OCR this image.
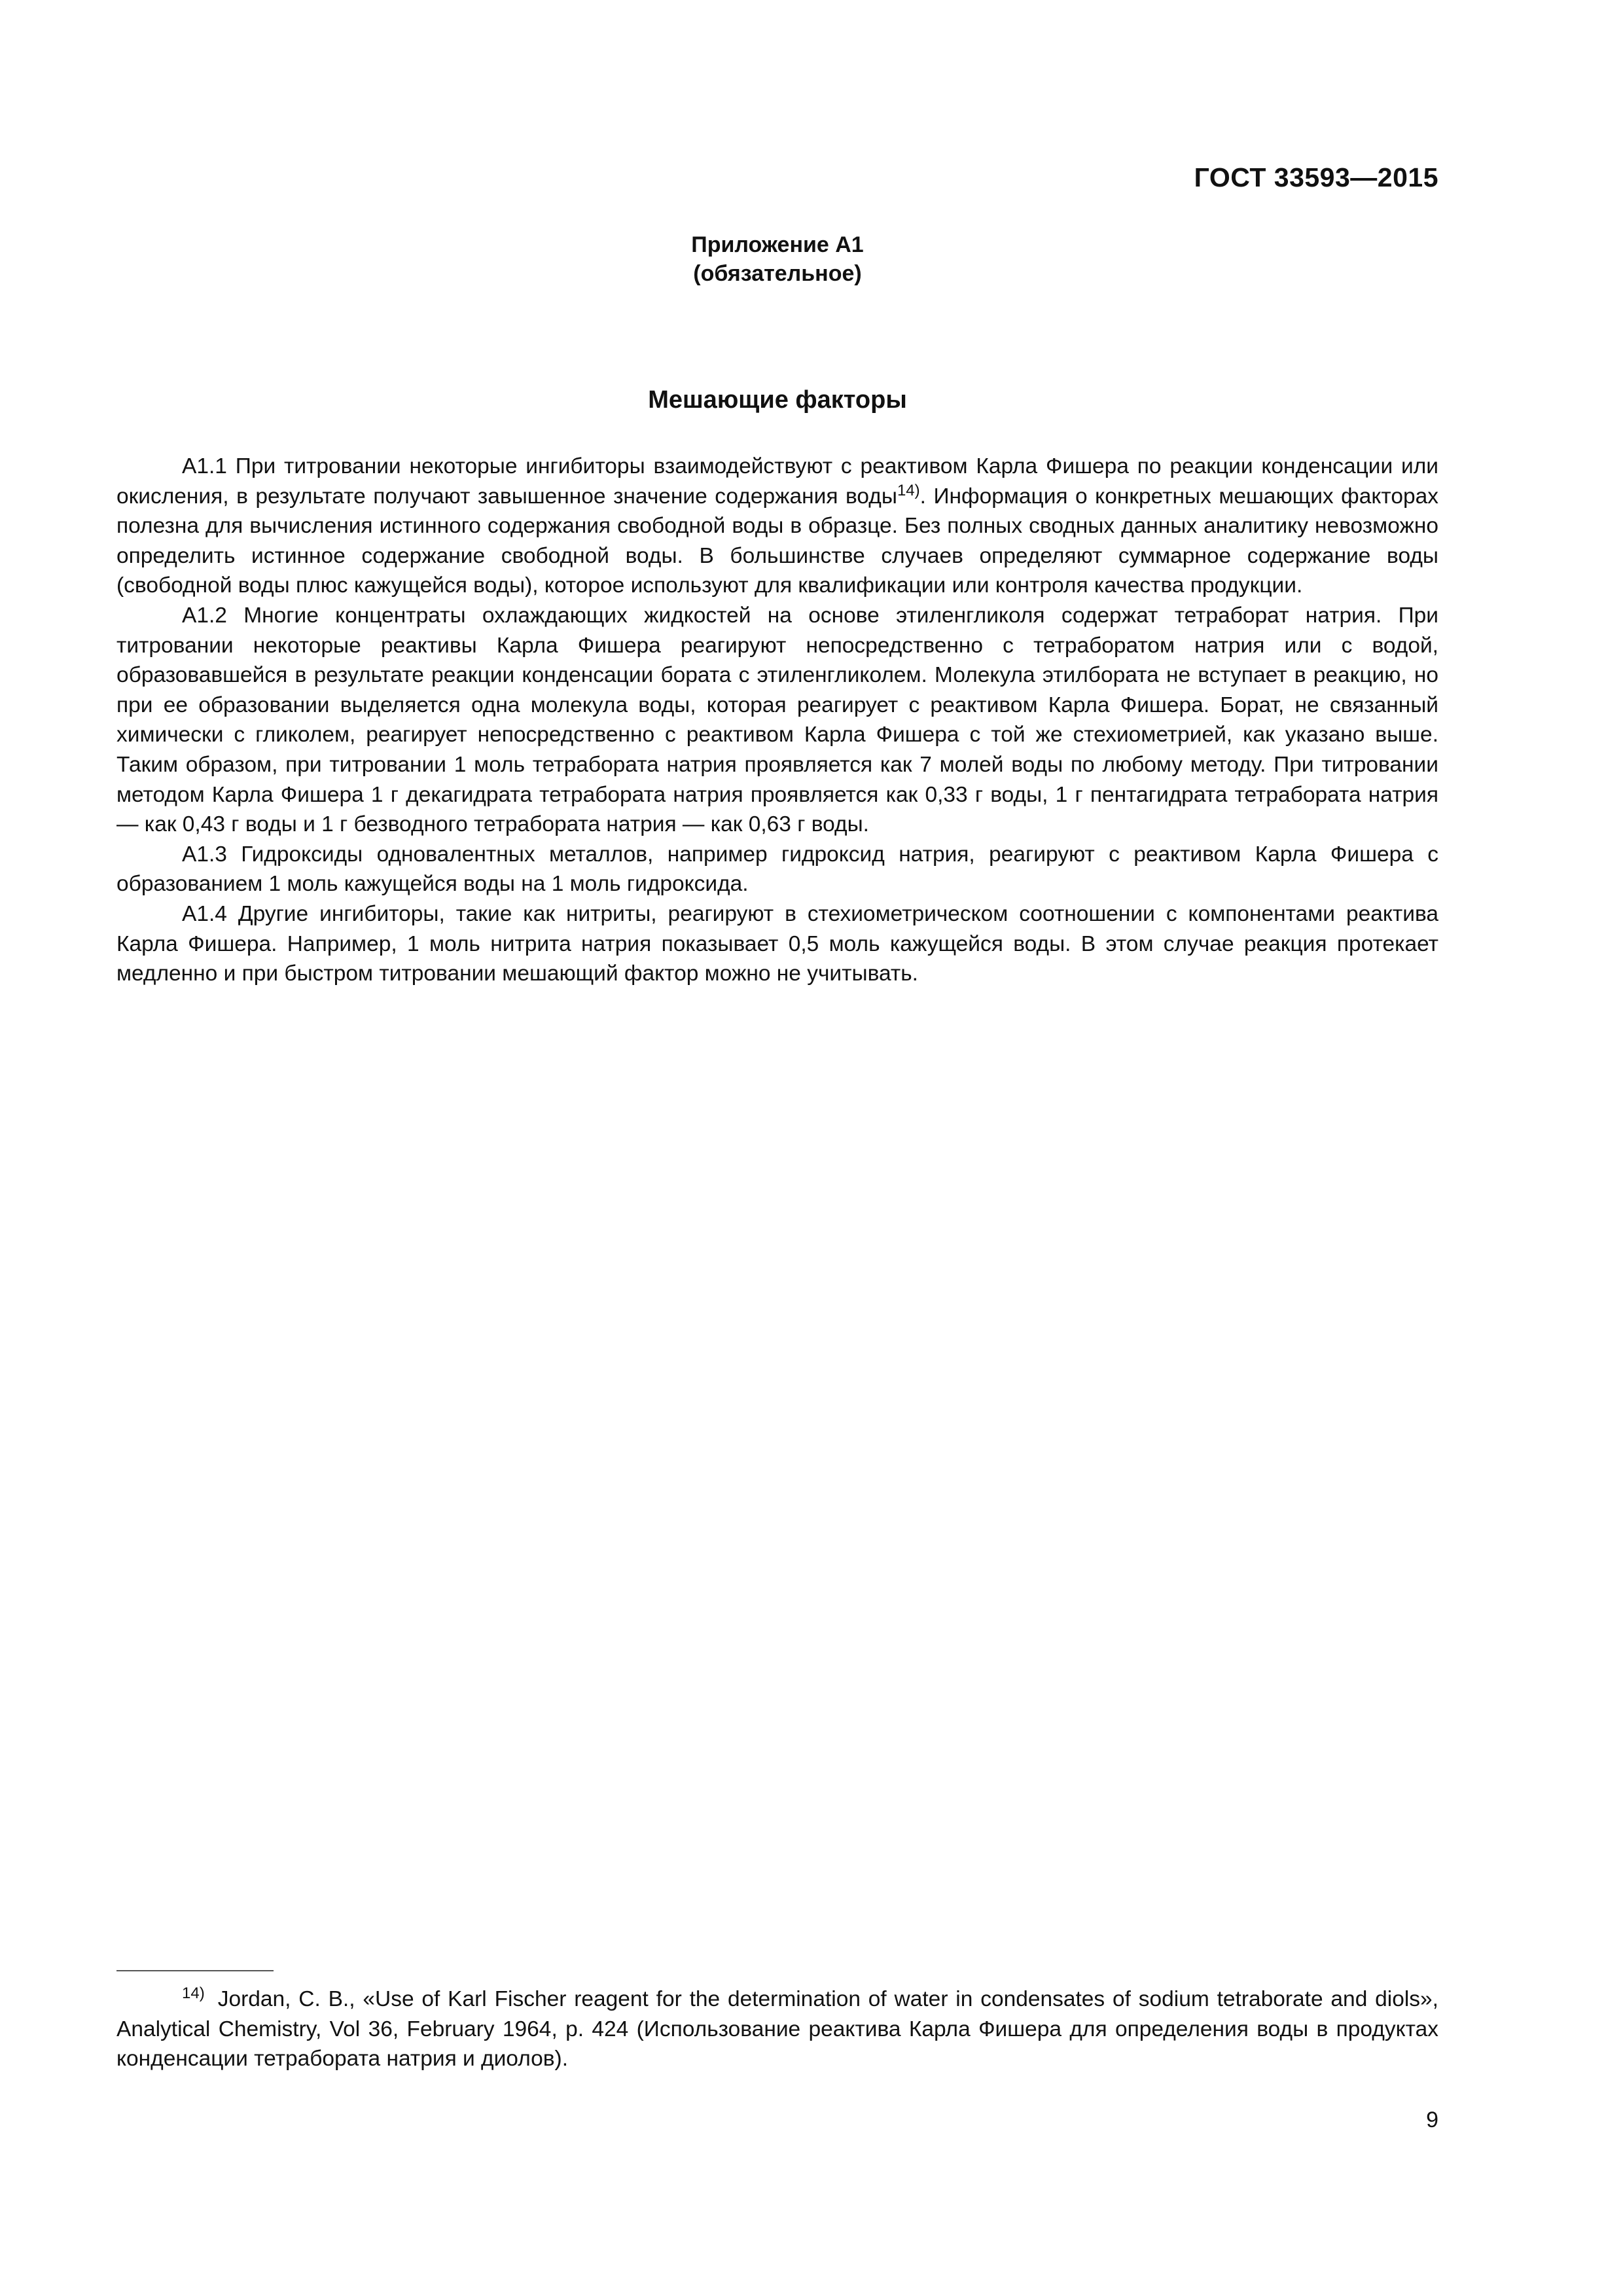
ГОСТ 33593—2015
Приложение А1
(обязательное)
Мешающие факторы

А1.1 При титровании некоторые ингибиторы взаимодействуют с реактивом Карла Фишера по реакции конденсации или окисления, в результате получают завышенное значение содержания воды$^{14)}$. Информация о конкретных мешающих факторах полезна для вычисления истинного содержания свободной воды в образце. Без полных сводных данных аналитику невозможно определить истинное содержание свободной воды. В большинстве случаев определяют суммарное содержание воды (свободной воды плюс кажущейся воды), которое используют для квалификации или контроля качества продукции.

А1.2 Многие концентраты охлаждающих жидкостей на основе этиленгликоля содержат тетраборат натрия. При титровании некоторые реактивы Карла Фишера реагируют непосредственно с тетраборатом натрия или с водой, образовавшейся в результате реакции конденсации бората с этиленгликолем. Молекула этилбората не вступает в реакцию, но при ее образовании выделяется одна молекула воды, которая реагирует с реактивом Карла Фишера. Борат, не связанный химически с гликолем, реагирует непосредственно с реактивом Карла Фишера с той же стехиометрией, как указано выше. Таким образом, при титровании 1 моль тетрабората натрия проявляется как 7 молей воды по любому методу. При титровании методом Карла Фишера 1 г декагидрата тетрабората натрия проявляется как 0,33 г воды, 1 г пентагидрата тетрабората натрия — как 0,43 г воды и 1 г безводного тетрабората натрия — как 0,63 г воды.

А1.3 Гидроксиды одновалентных металлов, например гидроксид натрия, реагируют с реактивом Карла Фишера с образованием 1 моль кажущейся воды на 1 моль гидроксида.

А1.4 Другие ингибиторы, такие как нитриты, реагируют в стехиометрическом соотношении с компонентами реактива Карла Фишера. Например, 1 моль нитрита натрия показывает 0,5 моль кажущейся воды. В этом случае реакция протекает медленно и при быстром титровании мешающий фактор можно не учитывать.

$^{14)}$ Jordan, C. B., «Use of Karl Fischer reagent for the determination of water in condensates of sodium tetraborate and diols», Analytical Chemistry, Vol 36, February 1964, p. 424 (Использование реактива Карла Фишера для определения воды в продуктах конденсации тетрабората натрия и диолов).

9
